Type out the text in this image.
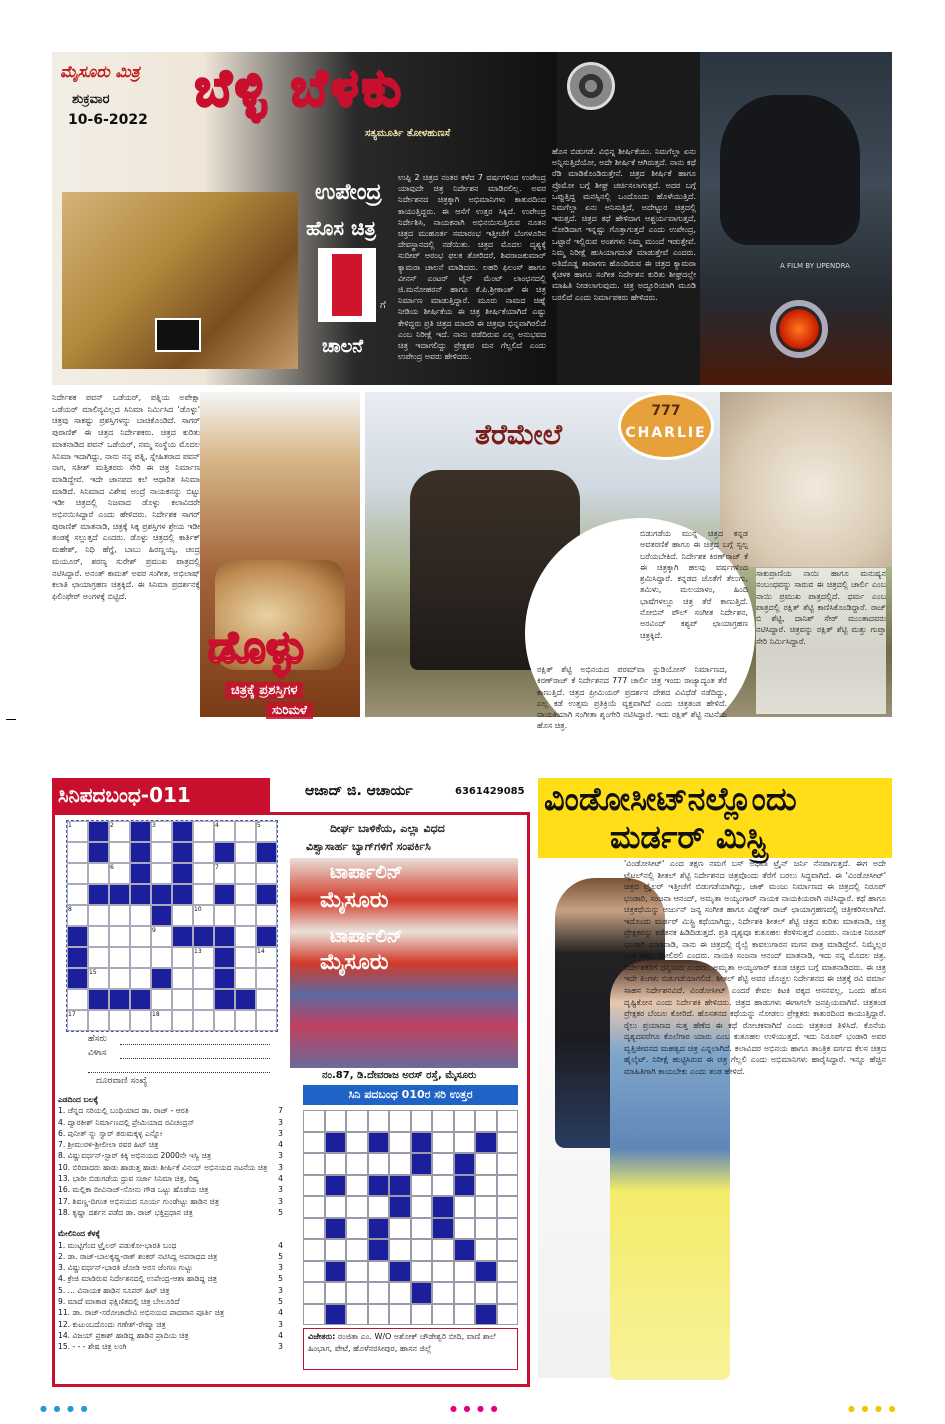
ಮೈಸೂರು ಮಿತ್ರ
ಶುಕ್ರವಾರ
10-6-2022
ಬೆಳ್ಳಿ ಬೆಳಕು
ಸತ್ಯಮೂರ್ತಿ ತೋಳಹುಣಸೆ
ಉಪೇಂದ್ರ
ಹೊಸ ಚಿತ್ರ
ಗೆ
ಚಾಲನೆ
ಉಪ್ಪಿ 2 ಚಿತ್ರದ ನಂತರ ಕಳೆದ 7 ವರ್ಷಗಳಿಂದ ಉಪೇಂದ್ರ ಯಾವುದೇ ಚಿತ್ರ ನಿರ್ದೇಶನ ಮಾಡಿರಲಿಲ್ಲ. ಅವರ ನಿರ್ದೇಶನದ ಚಿತ್ರಕ್ಕಾಗಿ ಅಭಿಮಾನಿಗಳು ಕಾತುರದಿಂದ ಕಾಯುತ್ತಿದ್ದರು. ಈ ಆಸೆಗೆ ಉತ್ತರ ಸಿಕ್ಕಿದೆ. ಉಪೇಂದ್ರ ನಿರ್ದೇಶಿಸಿ, ನಾಯಕನಾಗಿ ಅಭಿನಯಿಸುತ್ತಿರುವ ನೂತನ ಚಿತ್ರದ ಮುಹೂರ್ತ ಸಮಾರಂಭ ಇತ್ತೀಚೆಗೆ ಬೆಂಗಳೂರಿನ ದೇವಸ್ಥಾನದಲ್ಲಿ ನಡೆಯಿತು. ಚಿತ್ರದ ಮೊದಲ ದೃಶ್ಯಕ್ಕೆ ಸುದೀಪ್ ಆರಂಭ ಫಲಕ ತೋರಿದರೆ, ಶಿವರಾಜಕುಮಾರ್ ಕ್ಯಾಮರಾ ಚಾಲನೆ ಮಾಡಿದರು. ಲಹರಿ ಫಿಲಂಸ್ ಹಾಗೂ ವೀನಸ್ ಎಂಟರ್ ಟೈನ್ ಮೆಂಟ್ ಲಾಂಛನದಲ್ಲಿ ಜಿ.ಮನೋಹರನ್ ಹಾಗೂ ಕೆ.ಪಿ.ಶ್ರೀಕಾಂತ್ ಈ ಚಿತ್ರ ನಿರ್ಮಾಣ ಮಾಡುತ್ತಿದ್ದಾರೆ. ಮೂರು ನಾಮದ ಚಿಹ್ನೆ ನೀಡಿಯ ಶೀರ್ಷಿಕೆಯ ಈ ಚಿತ್ರ ಶೀರ್ಷಿಕೆಯಾಗಿದೆ ಎಷ್ಟು ಕೇಳಿದ್ದರು ಪ್ರತಿ ಚಿತ್ರದ ಮಾದರಿ ಈ ಚಿತ್ರವೂ ಭಿನ್ನವಾಗಿರಲಿದೆ ಎಂಬ ನಿರೀಕ್ಷೆ ಇದೆ. ನಾನು ಪಡೆದಿರುವ ಎಲ್ಲ ಅನುಭವದ ಚಿತ್ರ ಇದಾಗಲಿದ್ದು ಪ್ರೇಕ್ಷಕರ ಮನ ಗೆಲ್ಲಲಿದೆ ಎಂದು ಉಪೇಂದ್ರ ಅವರು ಹೇಳಿದರು.
ಹೊಸ ಬಿಡುಗಡೆ. ವಿಭಿನ್ನ ಶೀರ್ಷಿಕೆಯು. ನಿಮಗೆಲ್ಲಾ ಏನು ಅನ್ನಿಸುತ್ತಿದೆಯೋ, ಅದೇ ಶೀರ್ಷಿಕೆ ಆಗಿರುತ್ತದೆ. ನಾನು ಕಥೆ ರೆಡಿ ಮಾಡಿಕೊಂಡಿರುತ್ತೇನೆ. ಚಿತ್ರದ ಶೀರ್ಷಿಕೆ ಹಾಗೂ ಪ್ರೊಮೋ ಬಗ್ಗೆ ಶೀಘ್ರ ಚರ್ಚಿಸಲಾಗುತ್ತದೆ. ಅದರ ಬಗ್ಗೆ ಒಪ್ಪುತ್ತಿದ್ದ ಮನಸ್ಸಿನಲ್ಲಿ ಒಂದೊಂದು ಹೊಳೆಯುತ್ತಿದೆ. ನಿಮಗೆಲ್ಲಾ ಏನು ಅನಿಸುತ್ತಿದೆ, ಅದೇಟ್ಟುರ ಚಿತ್ರದಲ್ಲಿ ಇರುತ್ತದೆ. ಚಿತ್ರದ ಕಥೆ ಹೇಳಿದಾಗ ಆಶ್ಚರ್ಯವಾಗುತ್ತದೆ, ನೋಡಿದಾಗ ಇನ್ನಷ್ಟು ಗೊತ್ತಾಗುತ್ತದೆ ಎಂದು ಉಪೇಂದ್ರ, ಒಟ್ಟಾರೆ ಇಲ್ಲಿರುವ ಅಂಶಗಳು ನಿಮ್ಮ ಮುಂದೆ ಇಡುತ್ತೇವೆ. ನಿಮ್ಮ ನಿರೀಕ್ಷೆ ಹುಸಿಯಾಗದಂತೆ ಮಾಡುತ್ತೇವೆ ಎಂದರು. ಅತಿದೊಡ್ಡ ತಾರಾಗಣ ಹೊಂದಿರುವ ಈ ಚಿತ್ರದ ಕ್ಯಾಮರಾ ಕೈಚಳಕ ಹಾಗೂ ಸಂಗೀತ ನಿರ್ದೇಶನ ಕುರಿತು ಶೀಘ್ರದಲ್ಲೇ ಮಾಹಿತಿ ನೀಡಲಾಗುವುದು. ಚಿತ್ರ ಅದ್ದೂರಿಯಾಗಿ ಮೂಡಿ ಬರಲಿದೆ ಎಂದು ನಿರ್ಮಾಪಕರು ಹೇಳಿದರು.
A FILM BY UPENDRA
ನಿರ್ದೇಶಕ ಪವನ್ ಒಡೆಯರ್, ಪತ್ನಿಯ ಅಪೇಕ್ಷಾ ಒಡೆಯರ್ ಮಾಲಿನ್ಯವಿಲ್ಲದ ಸಿನಿಮಾ ನಿರ್ಮಿಸಿದ 'ಡೊಳ್ಳು' ಚಿತ್ರವು ಸಾಕಷ್ಟು ಪ್ರಶಸ್ತಿಗಳನ್ನು ಬಾಚಿಕೊಂಡಿದೆ. ಸಾಗರ್ ಪುರಾಣಿಕ್ ಈ ಚಿತ್ರದ ನಿರ್ದೇಶಕರು. ಚಿತ್ರದ ಕುರಿತು ಮಾತನಾಡಿದ ಪವನ್ ಒಡೆಯರ್, ನಮ್ಮ ಸಂಸ್ಥೆಯ ಮೊದಲ ಸಿನಿಮಾ ಇದಾಗಿದ್ದು, ನಾನು ನನ್ನ ಪತ್ನಿ, ಸ್ನೇಹಿತರಾದ ಪವನ್ ನಾಗ, ಸತೀಶ್ ಮತ್ತಿತರರು ಸೇರಿ ಈ ಚಿತ್ರ ನಿರ್ಮಾಣ ಮಾಡಿದ್ದೇವೆ. ಇದೇ ಜಾನಪದ ಕಲೆ ಆಧಾರಿತ ಸಿನಿಮಾ ಮಾಡಿದೆ. ಸಿನಿಮಾದ ವಿಶೇಷ ಅಂದ್ರೆ ನಾಯಕನನ್ನು ಬಿಟ್ಟು ಇಡೀ ಚಿತ್ರದಲ್ಲಿ ನಿಜವಾದ ಡೊಳ್ಳು ಕಲಾವಿದರೇ ಅಭಿನಯಿಸಿದ್ದಾರೆ ಎಂದು ಹೇಳಿದರು. ನಿರ್ದೇಶಕ ಸಾಗರ್ ಪುರಾಣಿಕ್ ಮಾತನಾಡಿ, ಚಿತ್ರಕ್ಕೆ ಸಿಕ್ಕ ಪ್ರಶಸ್ತಿಗಳ ಶ್ರೇಯ ಇಡೀ ತಂಡಕ್ಕೆ ಸಲ್ಲುತ್ತದೆ ಎಂದರು. ಡೊಳ್ಳು ಚಿತ್ರದಲ್ಲಿ ಕಾರ್ತಿಕ್ ಮಹೇಶ್, ನಿಧಿ ಹೆಗ್ಡೆ, ಬಾಬು ಹಿರಣ್ಣಯ್ಯ, ಚಂದ್ರ ಮಯೂರ್, ಶರಣ್ಯ ಸುರೇಶ್ ಪ್ರಮುಖ ಪಾತ್ರದಲ್ಲಿ ನಟಿಸಿದ್ದಾರೆ. ಅನಂತ್ ಕಾಮತ್ ಅವರ ಸಂಗೀತ, ಅಭಿಲಾಷ್ ಕಲಾತಿ ಛಾಯಾಗ್ರಹಣ ಚಿತ್ರಕ್ಕಿದೆ. ಈ ಸಿನಿಮಾ ಪ್ರದರ್ಶನಕ್ಕೆ ಫಿಲಿಂಫೇರ್ ಅಂಗಳಕ್ಕೆ ಬಿಟ್ಟಿದೆ.
ಡೊಳ್ಳು
ಚಿತ್ರಕ್ಕೆ ಪ್ರಶಸ್ತಿಗಳ
ಸುರಿಮಳೆ
ತೆರೆಮೇಲೆ
777
CHARLIE
ರಕ್ಷಿತ್ ಶೆಟ್ಟಿ ಅಭಿನಯದ ಪರಮ್‌ವಾ ಸ್ಟುಡಿಯೋಸ್ ನಿರ್ಮಾಣದ, ಕಿರಣ್‌ರಾಜ್ ಕೆ ನಿರ್ದೇಶನದ 777 ಚಾರ್ಲಿ ಚಿತ್ರ ಇಂದು ರಾಜ್ಯಾದ್ಯಂತ ತೆರೆ ಕಾಣುತ್ತಿದೆ. ಚಿತ್ರದ ಪ್ರೀಮಿಯರ್ ಪ್ರದರ್ಶನ ದೇಶದ ವಿವಿಧೆಡೆ ನಡೆದಿದ್ದು, ಎಲ್ಲ ಕಡೆ ಉತ್ತಮ ಪ್ರತಿಕ್ರಿಯೆ ವ್ಯಕ್ತವಾಗಿದೆ ಎಂದು ಚಿತ್ರತಂಡ ಹೇಳಿದೆ. ನಾಯಕಿಯಾಗಿ ಸಂಗೀತಾ ಶೃಂಗೇರಿ ನಟಿಸಿದ್ದಾರೆ. ಇದು ರಕ್ಷಿತ್ ಶೆಟ್ಟಿ ನಟನೆಯ ಹೊಸ ಚಿತ್ರ.
ಬಿಡುಗಡೆಯ ಮುನ್ನ ಚಿತ್ರದ ಕನ್ನಡ ಅವತರಣಿಕೆ ಹಾಗೂ ಈ ಚಿತ್ರದ ಬಗ್ಗೆ ಸ್ವಲ್ಪ ಬರೆಯಬೇಕಿದೆ. ನಿರ್ದೇಶಕ ಕಿರಣ್‌ರಾಜ್ ಕೆ ಈ ಚಿತ್ರಕ್ಕಾಗಿ ಹಲವು ವರ್ಷಗಳಿಂದ ಶ್ರಮಿಸಿದ್ದಾರೆ. ಕನ್ನಡದ ಜೊತೆಗೆ ತೆಲುಗು, ತಮಿಳು, ಮಲಯಾಳಂ, ಹಿಂದಿ ಭಾಷೆಗಳಲ್ಲೂ ಚಿತ್ರ ತೆರೆ ಕಾಣುತ್ತಿದೆ. ನೋಬಿನ್ ಪೌಲ್ ಸಂಗೀತ ನಿರ್ದೇಶನ, ಅರವಿಂದ್ ಕಶ್ಯಪ್ ಛಾಯಾಗ್ರಹಣ ಚಿತ್ರಕ್ಕಿದೆ.
ಸಾಕುಪ್ರಾಣಿಯ ನಾಯಿ ಹಾಗೂ ಮನುಷ್ಯನ ಸಂಬಂಧವನ್ನು ಸಾರುವ ಈ ಚಿತ್ರದಲ್ಲಿ ಚಾರ್ಲಿ ಎಂಬ ನಾಯಿ ಪ್ರಮುಖ ಪಾತ್ರದಲ್ಲಿದೆ. ಧರ್ಮ ಎಂಬ ಪಾತ್ರದಲ್ಲಿ ರಕ್ಷಿತ್ ಶೆಟ್ಟಿ ಕಾಣಿಸಿಕೊಂಡಿದ್ದಾರೆ. ರಾಜ್ ಬಿ ಶೆಟ್ಟಿ, ದಾನಿಶ್ ಸೇಠ್ ಮುಂತಾದವರು ನಟಿಸಿದ್ದಾರೆ. ಚಿತ್ರವನ್ನು ರಕ್ಷಿತ್ ಶೆಟ್ಟಿ ಮತ್ತು ಗುಪ್ತಾ ಸೇರಿ ನಿರ್ಮಿಸಿದ್ದಾರೆ.
ಸಿನಿಪದಬಂಧ-011	ಆಜಾದ್ ಜಿ. ಆಚಾರ್ಯ	6361429085
1	2	3	4	5
6	7
8	10
9
13	14
15
17	18
ಹೆಸರು
ವಿಳಾಸ
ದೂರವಾಣಿ ಸಂಖ್ಯೆ
ಎಡದಿಂದ ಬಲಕ್ಕೆ
1. ಚೆನ್ನದ ಸರಿಯಲ್ಲಿ ಬಂಧಿಯಾದ ಡಾ. ರಾಜ್ - ಆರತಿ	7
4. ದ್ವಾರಕೀಶ್ ನಿರ್ಮಾಣದಲ್ಲಿ ಪ್ರೇಮಿಯಾದ ರವಿಚಂದ್ರನ್	3
6. ಪುನೀತ್ ನ್ನು ಸ್ವಾರ್ ತರುಮಕ್ಕಳ್ಳ ಎನ್ನೋ	3
7. ಶ್ರೀಮುರಳಿ-ಶ್ರೀಲೀಲಾ ರವರ ಹಿಟ್ ಚಿತ್ರ	4
8. ವಿಷ್ಣುವರ್ಧನ್-ಸ್ಟಾರ್ ಕಿಕ್ಕಿ ಅಭಿನಯದ 2000ನೇ ಇಸ್ವಿ ಚಿತ್ರ	3
10. ಬಿರಿದಾದರು ಹಾಡು ಹಾಡುತ್ತ ಹಾಡು ಶೀರ್ಷಿಕೆ ವಿನಯ್ ಅಭಿನಯದ ನಟನೆಯ ಚಿತ್ರ 3
13. ಭಾರೀ ಬಿಡುಗಡೆಯ ಧ್ರುವ ಸರ್ಜಾ ಸಿನಿಮಾ ಚಿತ್ರ, ರಿಷ್ಯ	4
16. ಮಲ್ಲಿಕಾ ದೀವಿನಾಜ್-ಸೋನು ಗೌಡ ಒಟ್ಟು ಹೊಡೆಯ ಚಿತ್ರ	3
17. ಶಿವಣ್ಣ-ದಿಗಂತ ಅಭಿನಯದ ಸೂರ್ಯ ಗುಂಡೇಟ್ಟು ಹಾಡಿನ ಚಿತ್ರ	3
18. ಕೃಷ್ಣಾ ದರ್ಶನ ಪಡೆದ ಡಾ. ರಾಜ್ ಭಕ್ತಿಪ್ರಧಾನ ಚಿತ್ರ	5
ಮೇಲಿನಿಂದ ಕೆಳಕ್ಕೆ
1. ಮುಟ್ಟಿಗೆಂದ ಟ್ರೈಲರ್ ಪಡುಕೋ-ಭಾರತಿ ಬಂಧ	4
2. ಡಾ. ರಾಜ್-ಬಾಲಕೃಷ್ಣ-ರಾಕ್ ಶಂಕರ್ ನಟಿಸಿದ್ದ ಅಪರಾಧದ ಚಿತ್ರ	5
3. ವಿಷ್ಣುವರ್ಧನ್-ಭಾರತಿ ಜೋಡಿ ಅರಸ ಜೆಂಗಣ ಗುಟ್ಟು	3
4. ಕ್ರೇಜಿ ಮಾಡಿರುವ ನಿರ್ದೇಶನದಲ್ಲಿ ಉಪೇಂದ್ರ-ಆಶಾ ಹಾಡಿದ್ದ ಚಿತ್ರ	5
5. ... ವಿನಾಯಕ ಹಾಡಿನ ಸೂಪರ್ ಹಿಟ್ ಚಿತ್ರ	3
9. ಮಾದೆ ಮಾತಾಡ ಫಕ್ಷಿಣಿತದಲ್ಲಿ ಚಿತ್ರ ಬೇಲೂರಿದೆ	5
11. ಡಾ. ರಾಜ್-ಸರೋಜಾದೇವಿ ಅಭಿನಯದ ಪಾದವಾನ ಪೂರ್ತಿ ಚಿತ್ರ	4
12. ಕುಟುಂಬದೊಂದು ಗಣೇಶ್-ರೇಷ್ಮಾ ಚಿತ್ರ	3
14. ವಿಜಯ್ ಪ್ರಕಾಶ್ ಹಾಡಿದ್ದ ಹಾಡಿನ ಪ್ರಾದಿಯ ಚಿತ್ರ	4
15. - - - ಶೇಷ ಚಿತ್ರ ಲಂಗಿ	3
ದೀರ್ಘ ಬಾಳಿಕೆಯ, ಎಲ್ಲಾ ವಿಧದ
ವಿಶ್ವಾಸಾರ್ಹ ಬ್ಯಾಗ್‌ಗಳಿಗೆ ಸಂಪರ್ಕಿಸಿ
ಟಾರ್ಪಾಲಿನ್
ಮೈಸೂರು
ಟಾರ್ಪಾಲಿನ್
ಮೈಸೂರು
ನಂ.87, ಡಿ.ದೇವರಾಜ ಅರಸ್ ರಸ್ತೆ, ಮೈಸೂರು
ಸಿನಿ ಪದಬಂಧ 010ರ ಸರಿ ಉತ್ತರ
ವಿಜೇತರು: ರಂಜಿತಾ ಎಂ. W/O ಅಶೋಕ್ ಚೌಡೇಶ್ವರಿ ಬೀದಿ, ವಾಣಿ ಶಾಲೆ ಹಿಂಭಾಗ, ಪೇಟೆ, ಹೊಳೆನರಸೀಪುರ, ಹಾಸನ ಜಿಲ್ಲೆ
ವಿಂಡೋಸೀಟ್‌ನಲ್ಲೊಂದು
ಮರ್ಡರ್ ಮಿಸ್ಟ್ರಿ
'ವಿಂಡೋಸೀಟ್' ಎಂದ ತಕ್ಷಣ ನಮಗೆ ಬಸ್ ಅಥವಾ ಟ್ರೈನ್ ಜರ್ನಿ ನೆನಪಾಗುತ್ತದೆ. ಈಗ ಅದೇ ಟೈಟಲ್‌ನಲ್ಲಿ ಶೀತಲ್ ಶೆಟ್ಟಿ ನಿರ್ದೇಶನದ ಚಿತ್ರವೊಂದು ತೆರೆಗೆ ಬರಲು ಸಿದ್ಧವಾಗಿದೆ. ಈ 'ವಿಂಡೋಸೀಟ್' ಚಿತ್ರದ ಟ್ರೈಲರ್ ಇತ್ತೀಚೆಗೆ ಬಿಡುಗಡೆಯಾಗಿದ್ದು, ಜಾಕ್ ಮಂಜು ನಿರ್ಮಾಣದ ಈ ಚಿತ್ರದಲ್ಲಿ ನಿರೂಪ್ ಭಂಡಾರಿ, ಸಂಜನಾ ಆನಂದ್, ಅಮೃತಾ ಅಯ್ಯಂಗಾರ್ ನಾಯಕ ನಾಯಕಿಯರಾಗಿ ನಟಿಸಿದ್ದಾರೆ. ಕಥೆ ಹಾಗೂ ಚಿತ್ರಕಥೆಯನ್ನು ಅರ್ಜುನ್ ಜನ್ಯ ಸಂಗೀತ ಹಾಗೂ ವಿಘ್ನೇಶ್ ರಾಜ್ ಛಾಯಾಗ್ರಹಣದಲ್ಲಿ ಚಿತ್ರೀಕರಿಸಲಾಗಿದೆ. ಇದೊಂದು ಮರ್ಡರ್ ಮಿಸ್ಟ್ರಿ ಕಥೆಯಾಗಿದ್ದು, ನಿರ್ದೇಶಕಿ ಶೀತಲ್ ಶೆಟ್ಟಿ ಚಿತ್ರದ ಕುರಿತು ಮಾತನಾಡಿ, ಚಿತ್ರ ಪ್ರೇಕ್ಷಕರನ್ನು ಕಡೆತನಕ ಹಿಡಿದಿಡುತ್ತದೆ. ಪ್ರತಿ ದೃಶ್ಯವೂ ಕುತೂಹಲ ಕೆರಳಿಸುತ್ತದೆ ಎಂದರು. ನಾಯಕ ನಿರೂಪ್ ಭಂಡಾರಿ ಮಾತನಾಡಿ, ನಾನು ಈ ಚಿತ್ರದಲ್ಲಿ ರೈಲ್ವೆ ಕಾವಲುಗಾರನ ಮಗನ ಪಾತ್ರ ಮಾಡಿದ್ದೇನೆ. ನಿಮ್ಮೆಲ್ಲರ ಪ್ರೀತಿ ಚಿತ್ರದ ಮೇಲಿರಲಿ ಎಂದರು. ನಾಯಕಿ ಸಂಜನಾ ಆನಂದ್ ಮಾತನಾಡಿ, ಇದು ನನ್ನ ಮೊದಲ ಚಿತ್ರ. ನಿರ್ದೇಶಕರಿಗೆ ಧನ್ಯವಾದ ಎಂದರು. ಅಮೃತಾ ಅಯ್ಯಂಗಾರ್ ಕೂಡ ಚಿತ್ರದ ಬಗ್ಗೆ ಮಾತನಾಡಿದರು. ಈ ಚಿತ್ರ ಇದೇ ತಿಂಗಳು ಬಿಡುಗಡೆಯಾಗಲಿದೆ. ಶೀತಲ್ ಶೆಟ್ಟಿ ಅವರ ಚೊಚ್ಚಲ ನಿರ್ದೇಶನದ ಈ ಚಿತ್ರಕ್ಕೆ ರವಿ ವರ್ಮಾ ಸಾಹಸ ನಿರ್ದೇಶನವಿದೆ. ವಿಂಡೋಸೀಟ್ ಎಂದರೆ ಕೇವಲ ಕಿಟಕಿ ಪಕ್ಕದ ಆಸನವಲ್ಲ, ಒಂದು ಹೊಸ ದೃಷ್ಟಿಕೋನ ಎಂದು ನಿರ್ದೇಶಕಿ ಹೇಳಿದರು. ಚಿತ್ರದ ಹಾಡುಗಳು ಈಗಾಗಲೇ ಜನಪ್ರಿಯವಾಗಿವೆ. ಚಿತ್ರತಂಡ ಪ್ರೇಕ್ಷಕರ ಬೆಂಬಲ ಕೋರಿದೆ. ಹೊಸತನದ ಕಥೆಯನ್ನು ನೋಡಲು ಪ್ರೇಕ್ಷಕರು ಕಾತುರದಿಂದ ಕಾಯುತ್ತಿದ್ದಾರೆ. ರೈಲು ಪ್ರಯಾಣದ ಸುತ್ತ ಹೆಣೆದ ಈ ಕಥೆ ರೋಚಕವಾಗಿದೆ ಎಂದು ಚಿತ್ರತಂಡ ತಿಳಿಸಿದೆ. ಕೊನೆಯ ದೃಶ್ಯದವರೆಗೂ ಕೊಲೆಗಾರ ಯಾರು ಎಂಬ ಕುತೂಹಲ ಉಳಿಯುತ್ತದೆ. ಇದು ನಿರೂಪ್ ಭಂಡಾರಿ ಅವರ ವೃತ್ತಿಜೀವನದ ಮಹತ್ವದ ಚಿತ್ರ ಎನ್ನಲಾಗಿದೆ. ಕಲಾವಿದರ ಅಭಿನಯ ಹಾಗೂ ತಾಂತ್ರಿಕ ವರ್ಗದ ಕೆಲಸ ಚಿತ್ರದ ಹೈಲೈಟ್. ನಿರೀಕ್ಷೆ ಹುಟ್ಟಿಸಿರುವ ಈ ಚಿತ್ರ ಗೆಲ್ಲಲಿ ಎಂದು ಅಭಿಮಾನಿಗಳು ಹಾರೈಸಿದ್ದಾರೆ. ಇನ್ನೂ ಹೆಚ್ಚಿನ ಮಾಹಿತಿಗಾಗಿ ಕಾಯಬೇಕು ಎಂದು ತಂಡ ಹೇಳಿದೆ.
● ● ● ●	● ● ● ●	● ● ● ●
